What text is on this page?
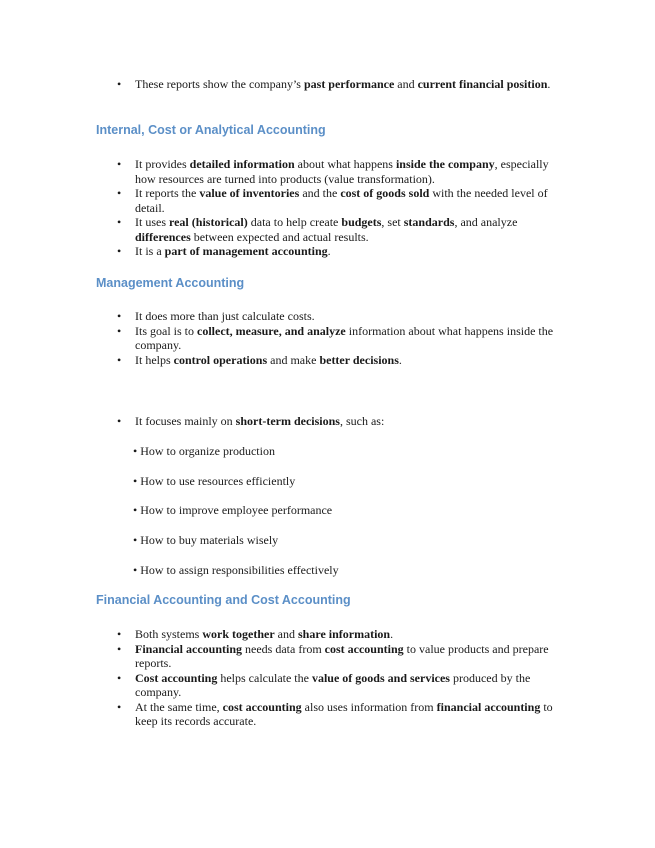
• These reports show the company’s past performance and current financial position.
Internal, Cost or Analytical Accounting
• It provides detailed information about what happens inside the company, especially how resources are turned into products (value transformation).
• It reports the value of inventories and the cost of goods sold with the needed level of detail.
• It uses real (historical) data to help create budgets, set standards, and analyze differences between expected and actual results.
• It is a part of management accounting.
Management Accounting
• It does more than just calculate costs.
• Its goal is to collect, measure, and analyze information about what happens inside the company.
• It helps control operations and make better decisions.
• It focuses mainly on short-term decisions, such as:
• How to organize production
• How to use resources efficiently
• How to improve employee performance
• How to buy materials wisely
• How to assign responsibilities effectively
Financial Accounting and Cost Accounting
• Both systems work together and share information.
• Financial accounting needs data from cost accounting to value products and prepare reports.
• Cost accounting helps calculate the value of goods and services produced by the company.
• At the same time, cost accounting also uses information from financial accounting to keep its records accurate.
